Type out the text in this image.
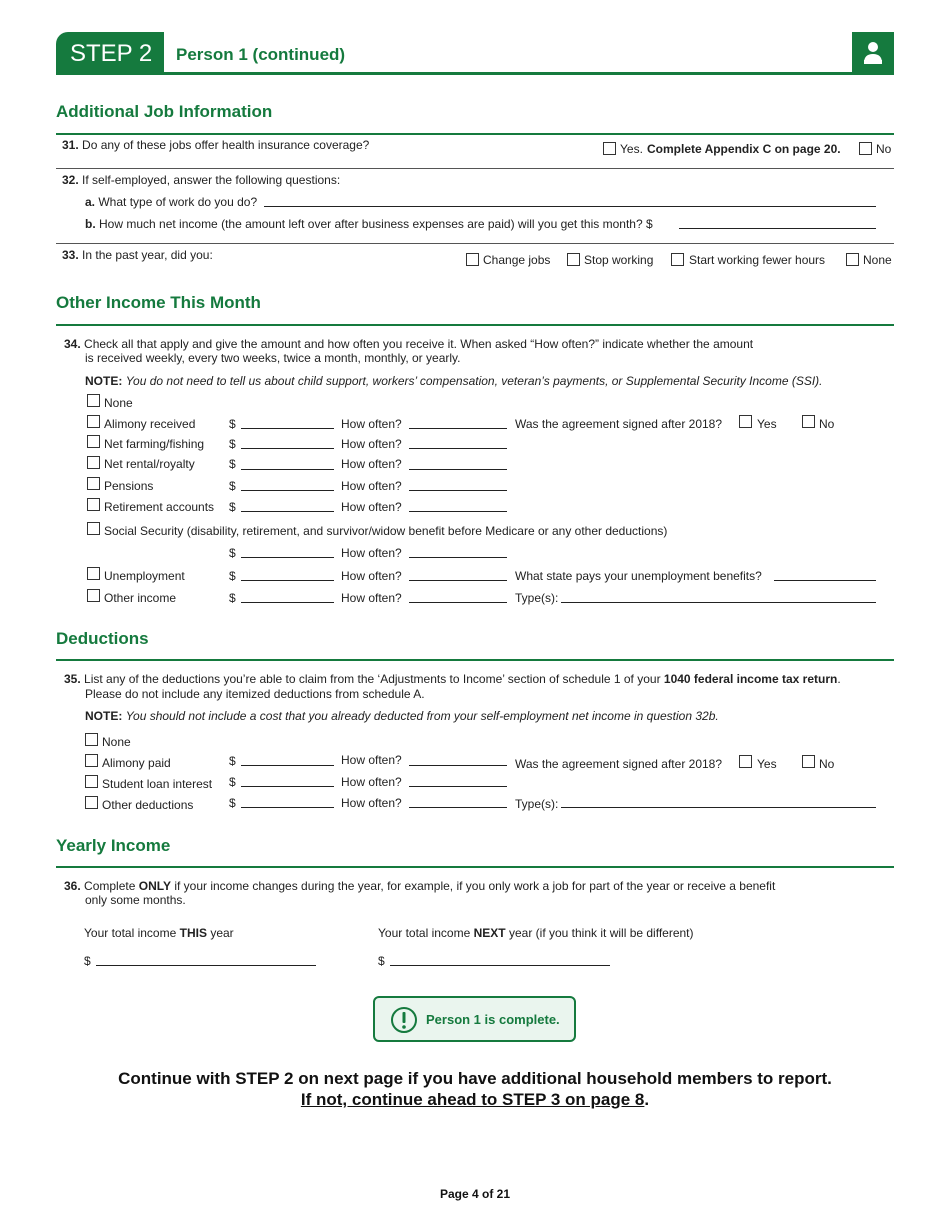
STEP 2 Person 1 (continued)
Additional Job Information
31. Do any of these jobs offer health insurance coverage?	Yes. Complete Appendix C on page 20.	No
32. If self-employed, answer the following questions:
a. What type of work do you do?
b. How much net income (the amount left over after business expenses are paid) will you get this month? $
33. In the past year, did you:	Change jobs	Stop working	Start working fewer hours	None
Other Income This Month
34. Check all that apply and give the amount and how often you receive it. When asked “How often?” indicate whether the amount
is received weekly, every two weeks, twice a month, monthly, or yearly.
NOTE: You do not need to tell us about child support, workers’ compensation, veteran’s payments, or Supplemental Security Income (SSI).
None
Alimony received	$	How often?	Was the agreement signed after 2018?	Yes	No
Net farming/fishing $	How often?
Net rental/royalty	$	How often?
Pensions	$	How often?
Retirement accounts $	How often?
Social Security (disability, retirement, and survivor/widow benefit before Medicare or any other deductions)
$	How often?
Unemployment	$	How often?	What state pays your unemployment benefits?
Other income	$	How often?	Type(s):
Deductions
35. List any of the deductions you’re able to claim from the ‘Adjustments to Income’ section of schedule 1 of your 1040 federal income tax return.
Please do not include any itemized deductions from schedule A.
NOTE: You should not include a cost that you already deducted from your self-employment net income in question 32b.
None
Alimony paid	$	How often?	Was the agreement signed after 2018?	Yes	No
Student loan interest $	How often?
Other deductions	$	How often?	Type(s):
Yearly Income
36. Complete ONLY if your income changes during the year, for example, if you only work a job for part of the year or receive a benefit
only some months.
Your total income THIS year
$
Your total income NEXT year (if you think it will be different)
$
Person 1 is complete.
Continue with STEP 2 on next page if you have additional household members to report.
If not, continue ahead to STEP 3 on page 8.
Page 4 of 21
